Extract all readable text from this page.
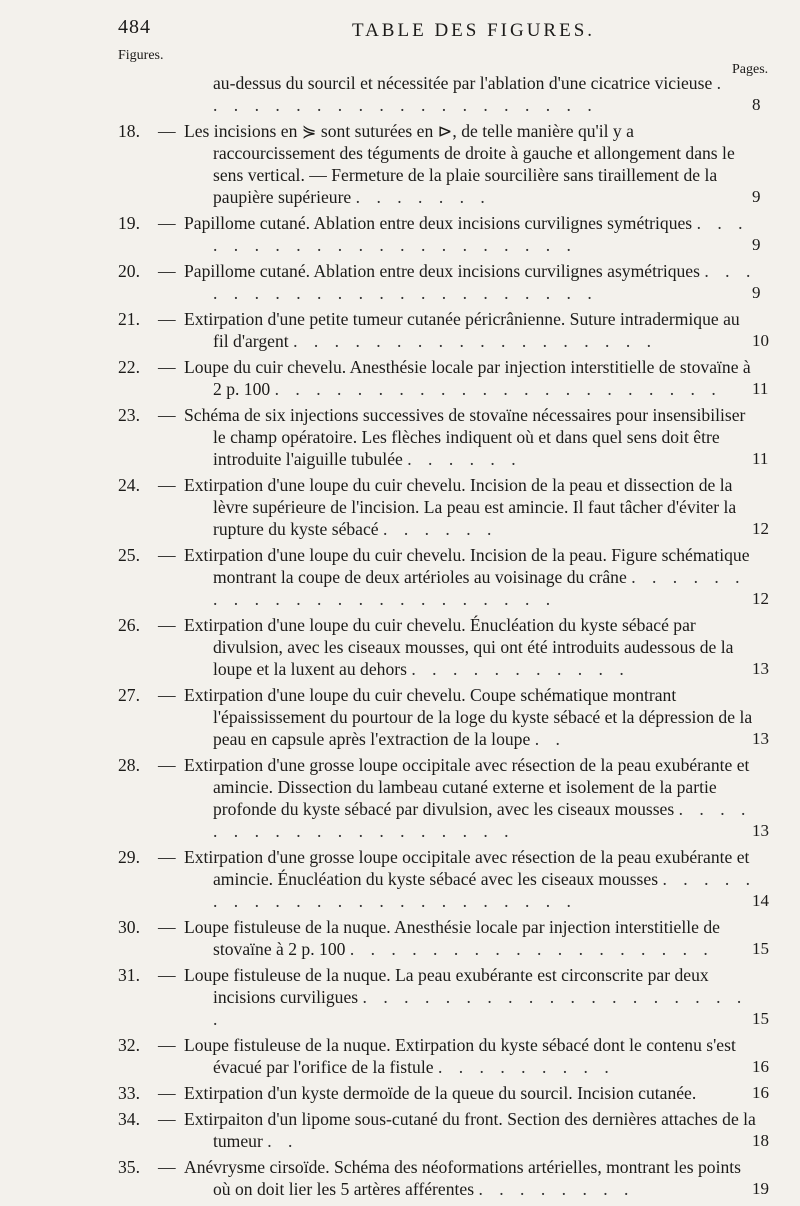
484	TABLE DES FIGURES.
Figures.
Pages.
au-dessus du sourcil et nécessitée par l'ablation d'une cicatrice vicieuse . . . . . . . . . . . . . . . . . . . .	8
18. — Les incisions en ⋟ sont suturées en ⊳, de telle manière qu'il y a raccourcissement des téguments de droite à gauche et allongement dans le sens vertical. — Fermeture de la plaie sourcilière sans tiraillement de la paupière supérieure . . . . . . .	9
19. — Papillome cutané. Ablation entre deux incisions curvilignes symétriques . . . . . . . . . . . . . . . . . . . . .	9
20. — Papillome cutané. Ablation entre deux incisions curvilignes asymétriques . . . . . . . . . . . . . . . . . . . . . .	9
21. — Extirpation d'une petite tumeur cutanée péricrânienne. Suture intradermique au fil d'argent . . . . . . . . . . . . . . . . . .	10
22. — Loupe du cuir chevelu. Anesthésie locale par injection interstitielle de stovaïne à 2 p. 100 . . . . . . . . . . . . . . . . . . . . . .	11
23. — Schéma de six injections successives de stovaïne nécessaires pour insensibiliser le champ opératoire. Les flèches indiquent où et dans quel sens doit être introduite l'aiguille tubulée . . . . . .	11
24. — Extirpation d'une loupe du cuir chevelu. Incision de la peau et dissection de la lèvre supérieure de l'incision. La peau est amincie. Il faut tâcher d'éviter la rupture du kyste sébacé . . . . . .	12
25. — Extirpation d'une loupe du cuir chevelu. Incision de la peau. Figure schématique montrant la coupe de deux artérioles au voisinage du crâne . . . . . . . . . . . . . . . . . . . . . . .	12
26. — Extirpation d'une loupe du cuir chevelu. Énucléation du kyste sébacé par divulsion, avec les ciseaux mousses, qui ont été introduits audessous de la loupe et la luxent au dehors . . . . . . . . . . .	13
27. — Extirpation d'une loupe du cuir chevelu. Coupe schématique montrant l'épaississement du pourtour de la loge du kyste sébacé et la dépression de la peau en capsule après l'extraction de la loupe . .	13
28. — Extirpation d'une grosse loupe occipitale avec résection de la peau exubérante et amincie. Dissection du lambeau cutané externe et isolement de la partie profonde du kyste sébacé par divulsion, avec les ciseaux mousses . . . . . . . . . . . . . . . . . . .	13
29. — Extirpation d'une grosse loupe occipitale avec résection de la peau exubérante et amincie. Énucléation du kyste sébacé avec les ciseaux mousses . . . . . . . . . . . . . . . . . . . . . . .	14
30. — Loupe fistuleuse de la nuque. Anesthésie locale par injection interstitielle de stovaïne à 2 p. 100 . . . . . . . . . . . . . . . . . .	15
31. — Loupe fistuleuse de la nuque. La peau exubérante est circonscrite par deux incisions curviligues . . . . . . . . . . . . . . . . . . . .	15
32. — Loupe fistuleuse de la nuque. Extirpation du kyste sébacé dont le contenu s'est évacué par l'orifice de la fistule . . . . . . . . .	16
33. — Extirpation d'un kyste dermoïde de la queue du sourcil. Incision cutanée.	16
34. — Extirpaiton d'un lipome sous-cutané du front. Section des dernières attaches de la tumeur . .	18
35. — Anévrysme cirsoïde. Schéma des néoformations artérielles, montrant les points où on doit lier les 5 artères afférentes . . . . . . . .	19
